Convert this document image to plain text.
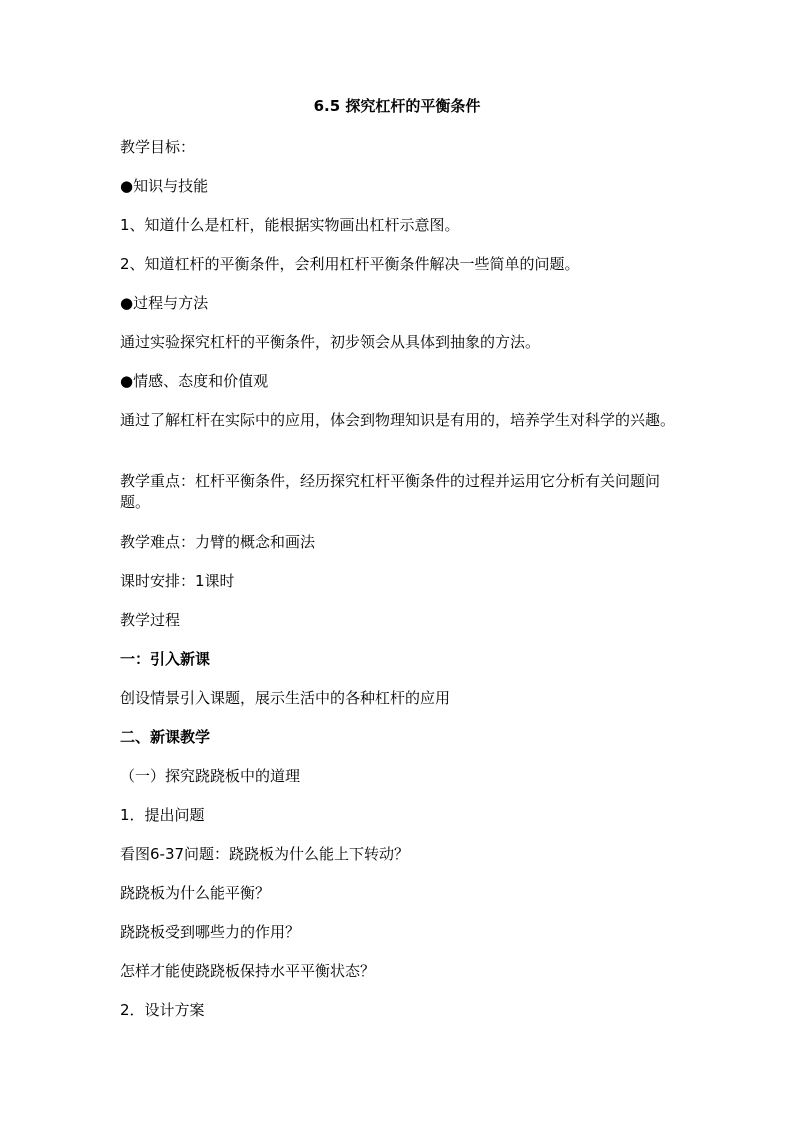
6.5 探究杠杆的平衡条件
教学目标：
●知识与技能
1、知道什么是杠杆，能根据实物画出杠杆示意图。
2、知道杠杆的平衡条件，会利用杠杆平衡条件解决一些简单的问题。
●过程与方法
通过实验探究杠杆的平衡条件，初步领会从具体到抽象的方法。
●情感、态度和价值观
通过了解杠杆在实际中的应用，体会到物理知识是有用的，培养学生对科学的兴趣。
教学重点：杠杆平衡条件，经历探究杠杆平衡条件的过程并运用它分析有关问题问题。
教学难点：力臂的概念和画法
课时安排：1课时
教学过程
一：引入新课
创设情景引入课题，展示生活中的各种杠杆的应用
二、新课教学
（一）探究跷跷板中的道理
1．提出问题
看图6-37问题：跷跷板为什么能上下转动？
跷跷板为什么能平衡？
跷跷板受到哪些力的作用？
怎样才能使跷跷板保持水平平衡状态？
2．设计方案
